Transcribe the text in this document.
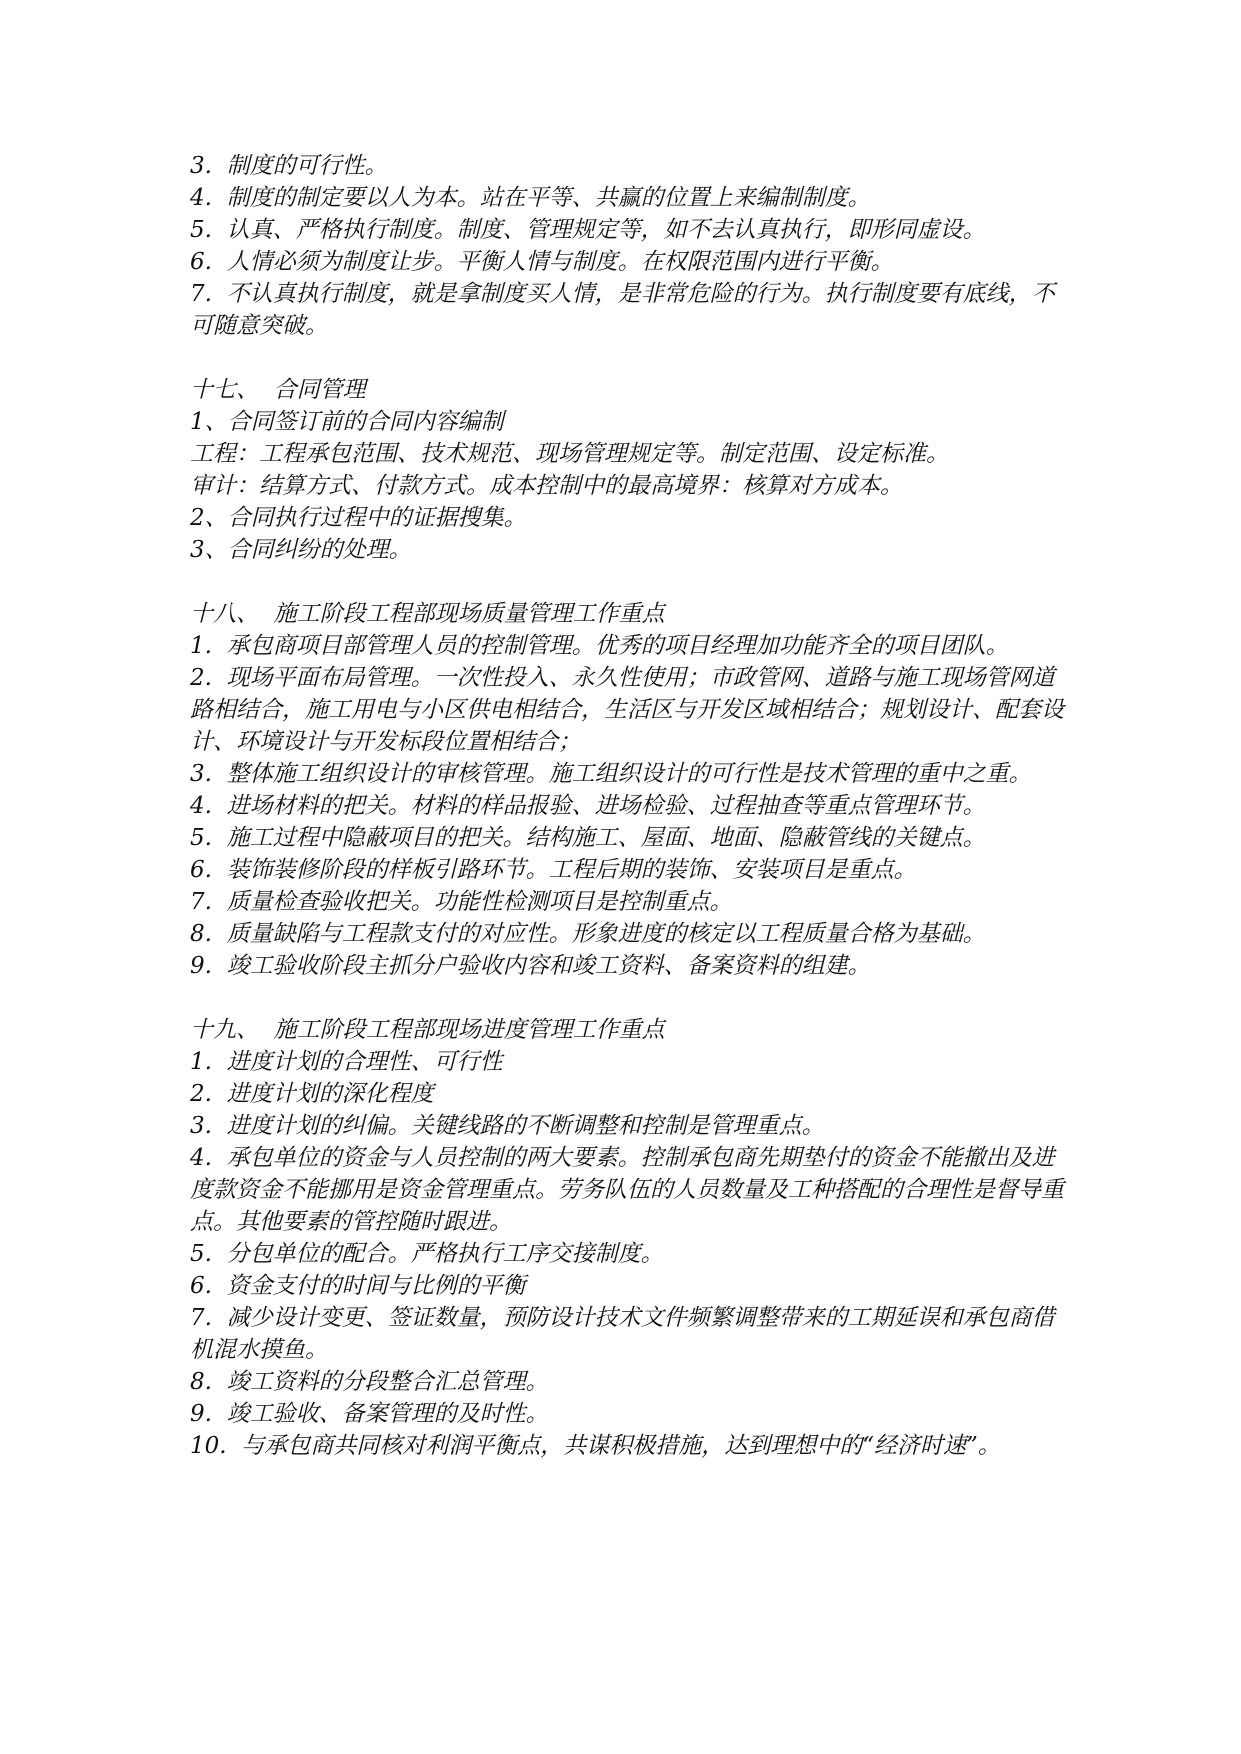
3.  制度的可行性。
4.  制度的制定要以人为本。站在平等、共赢的位置上来编制制度。
5.  认真、严格执行制度。制度、管理规定等，如不去认真执行，即形同虚设。
6.  人情必须为制度让步。平衡人情与制度。在权限范围内进行平衡。
7.  不认真执行制度，就是拿制度买人情，是非常危险的行为。执行制度要有底线，不可随意突破。
十七、  合同管理
1、合同签订前的合同内容编制
工程：工程承包范围、技术规范、现场管理规定等。制定范围、设定标准。
审计：结算方式、付款方式。成本控制中的最高境界：核算对方成本。
2、合同执行过程中的证据搜集。
3、合同纠纷的处理。
十八、  施工阶段工程部现场质量管理工作重点
1.  承包商项目部管理人员的控制管理。优秀的项目经理加功能齐全的项目团队。
2.  现场平面布局管理。一次性投入、永久性使用；市政管网、道路与施工现场管网道路相结合，施工用电与小区供电相结合，生活区与开发区域相结合；规划设计、配套设计、环境设计与开发标段位置相结合；
3.  整体施工组织设计的审核管理。施工组织设计的可行性是技术管理的重中之重。
4.  进场材料的把关。材料的样品报验、进场检验、过程抽查等重点管理环节。
5.  施工过程中隐蔽项目的把关。结构施工、屋面、地面、隐蔽管线的关键点。
6.  装饰装修阶段的样板引路环节。工程后期的装饰、安装项目是重点。
7.  质量检查验收把关。功能性检测项目是控制重点。
8.  质量缺陷与工程款支付的对应性。形象进度的核定以工程质量合格为基础。
9.  竣工验收阶段主抓分户验收内容和竣工资料、备案资料的组建。
十九、  施工阶段工程部现场进度管理工作重点
1.  进度计划的合理性、可行性
2.  进度计划的深化程度
3.  进度计划的纠偏。关键线路的不断调整和控制是管理重点。
4.  承包单位的资金与人员控制的两大要素。控制承包商先期垫付的资金不能撤出及进度款资金不能挪用是资金管理重点。劳务队伍的人员数量及工种搭配的合理性是督导重点。其他要素的管控随时跟进。
5.  分包单位的配合。严格执行工序交接制度。
6.  资金支付的时间与比例的平衡
7.  减少设计变更、签证数量，预防设计技术文件频繁调整带来的工期延误和承包商借机混水摸鱼。
8.  竣工资料的分段整合汇总管理。
9.  竣工验收、备案管理的及时性。
10.  与承包商共同核对利润平衡点，共谋积极措施，达到理想中的“经济时速”。
